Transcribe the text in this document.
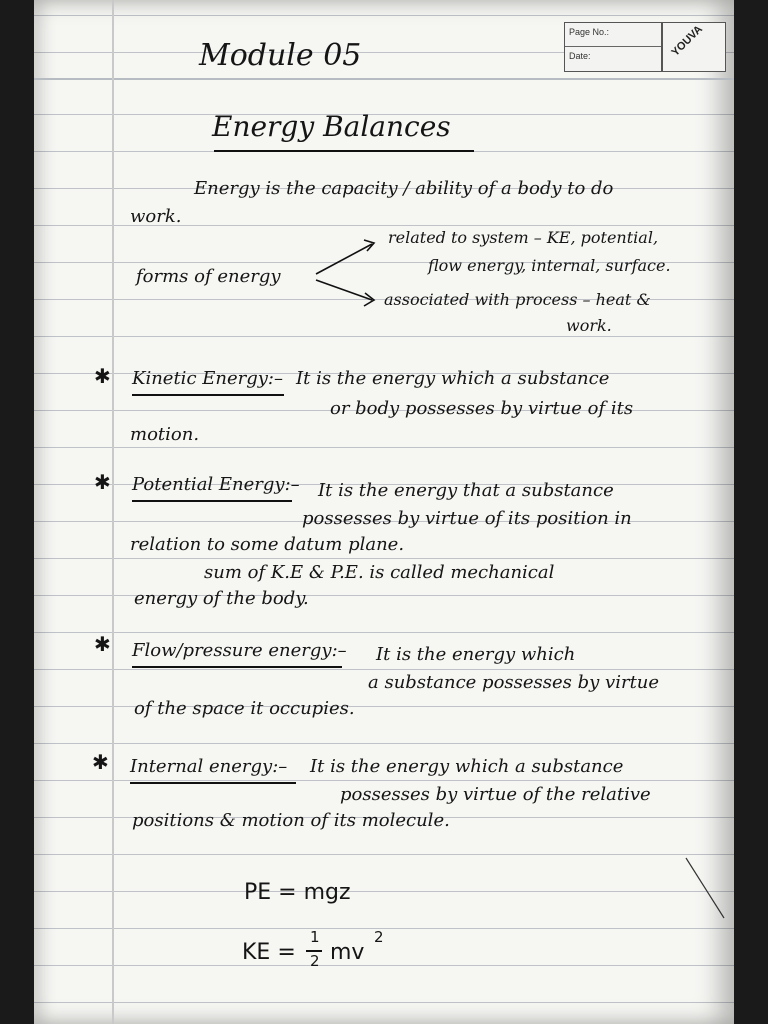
Page No.:
Date:	YOUVA
Module 05
Energy Balances
Energy is the capacity / ability of a body to do
work.
forms of energy
related to system – KE, potential,
flow energy, internal, surface.
associated with process – heat &
work.
✱ Kinetic Energy:– It is the energy which a substance
or body possesses by virtue of its
motion.
✱ Potential Energy:– It is the energy that a substance
possesses by virtue of its position in
relation to some datum plane.
sum of K.E & P.E. is called mechanical
energy of the body.
✱ Flow/pressure energy:– It is the energy which
a substance possesses by virtue
of the space it occupies.
✱ Internal energy:– It is the energy which a substance
possesses by virtue of the relative
positions & motion of its molecule.
PE = mgz
KE =
1
2 mv
2
